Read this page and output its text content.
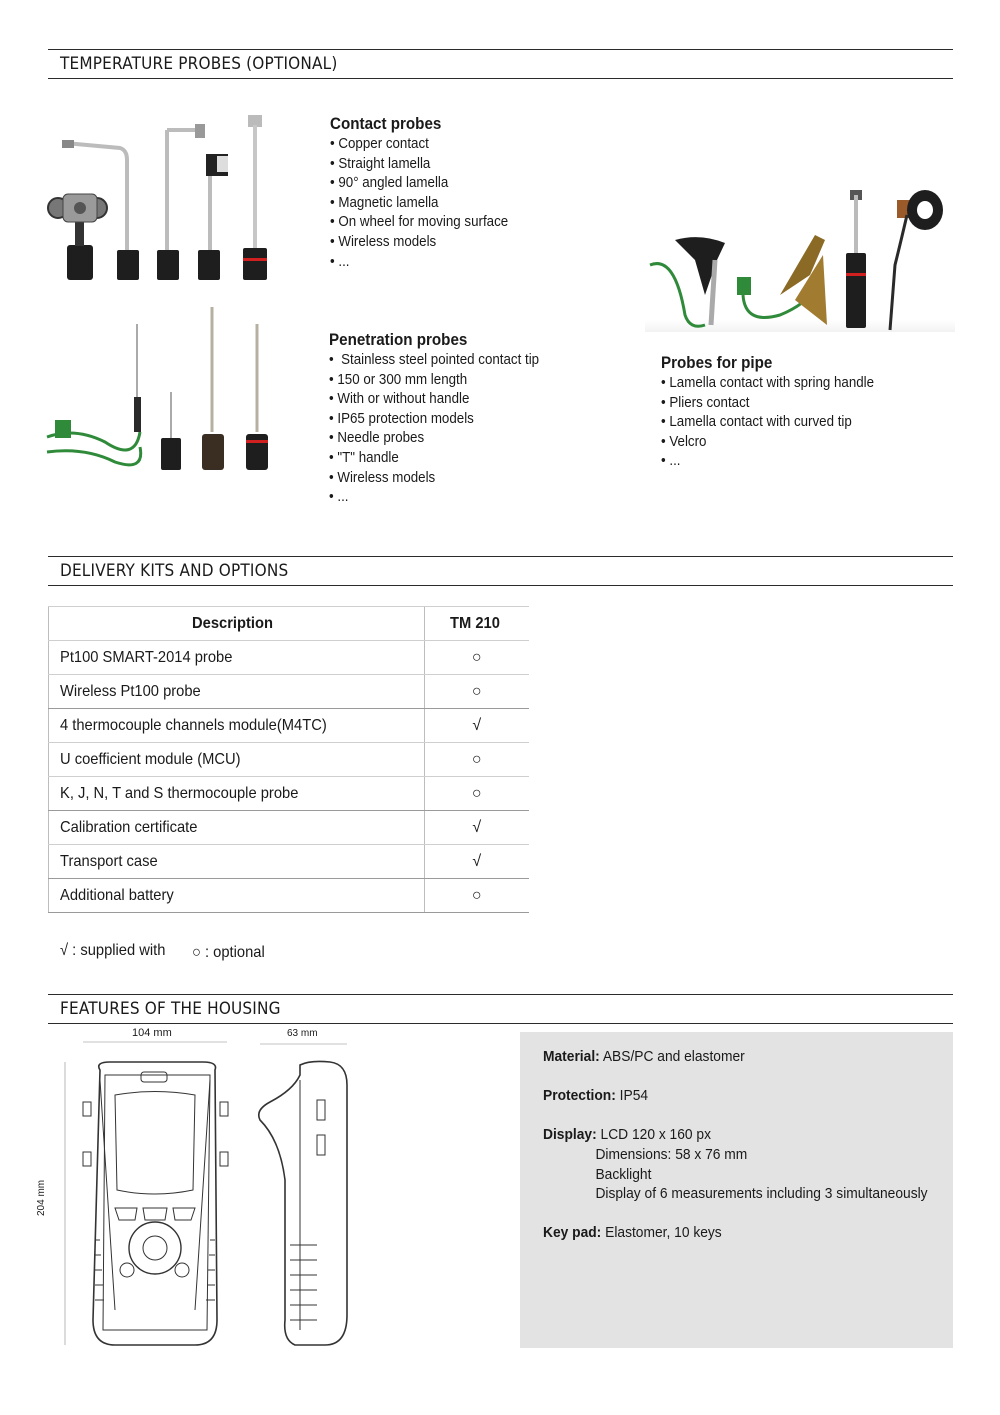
TEMPERATURE PROBES (OPTIONAL)
Contact probes
• Copper contact
• Straight lamella
• 90° angled lamella
• Magnetic lamella
• On wheel for moving surface
• Wireless models
• ...
Probes for pipe
• Lamella contact with spring handle
• Pliers contact
• Lamella contact with curved tip
• Velcro
• ...
Penetration probes
•  Stainless steel pointed contact tip
• 150 or 300 mm length
• With or without handle
• IP65 protection models
• Needle probes
• "T" handle
• Wireless models
• ...
DELIVERY KITS AND OPTIONS
Description	TM 210
Pt100 SMART-2014 probe	○
Wireless Pt100 probe	○
4 thermocouple channels module(M4TC)	√
U coefficient module (MCU)	○
K, J, N, T and S thermocouple probe	○
Calibration certificate	√
Transport case	√
Additional battery	○
√ : supplied with	○ : optional
FEATURES OF THE HOUSING
104 mm	63 mm
204 mm
Material: ABS/PC and elastomer
Protection: IP54
Display: LCD 120 x 160 px
Dimensions: 58 x 76 mm
Backlight
Display of 6 measurements including 3 simultaneously
Key pad: Elastomer, 10 keys
